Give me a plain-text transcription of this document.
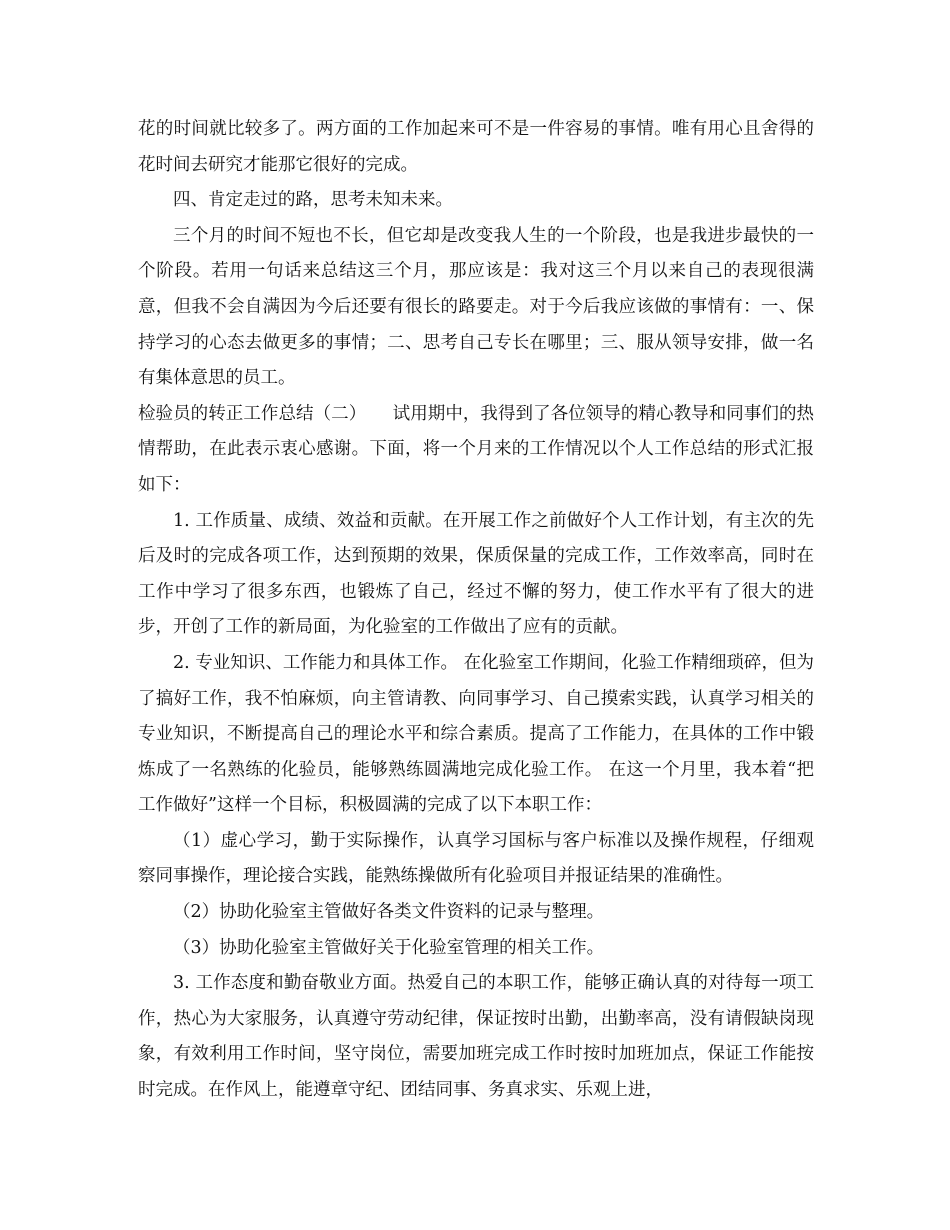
花的时间就比较多了。两方面的工作加起来可不是一件容易的事情。唯有用心且舍得的花时间去研究才能那它很好的完成。

四、肯定走过的路，思考未知未来。

三个月的时间不短也不长，但它却是改变我人生的一个阶段，也是我进步最快的一个阶段。若用一句话来总结这三个月，那应该是：我对这三个月以来自己的表现很满意，但我不会自满因为今后还要有很长的路要走。对于今后我应该做的事情有：一、保持学习的心态去做更多的事情；二、思考自己专长在哪里；三、服从领导安排，做一名有集体意思的员工。

检验员的转正工作总结（二）　　试用期中，我得到了各位领导的精心教导和同事们的热情帮助，在此表示衷心感谢。下面，将一个月来的工作情况以个人工作总结的形式汇报如下：

1. 工作质量、成绩、效益和贡献。在开展工作之前做好个人工作计划，有主次的先后及时的完成各项工作，达到预期的效果，保质保量的完成工作，工作效率高，同时在工作中学习了很多东西，也锻炼了自己，经过不懈的努力，使工作水平有了很大的进步，开创了工作的新局面，为化验室的工作做出了应有的贡献。

2. 专业知识、工作能力和具体工作。 在化验室工作期间，化验工作精细琐碎，但为了搞好工作，我不怕麻烦，向主管请教、向同事学习、自己摸索实践，认真学习相关的专业知识，不断提高自己的理论水平和综合素质。提高了工作能力，在具体的工作中锻炼成了一名熟练的化验员，能够熟练圆满地完成化验工作。 在这一个月里，我本着“把工作做好”这样一个目标，积极圆满的完成了以下本职工作：

（1）虚心学习，勤于实际操作，认真学习国标与客户标准以及操作规程，仔细观察同事操作，理论接合实践，能熟练操做所有化验项目并报证结果的准确性。

（2）协助化验室主管做好各类文件资料的记录与整理。

（3）协助化验室主管做好关于化验室管理的相关工作。

3. 工作态度和勤奋敬业方面。热爱自己的本职工作，能够正确认真的对待每一项工作，热心为大家服务，认真遵守劳动纪律，保证按时出勤，出勤率高，没有请假缺岗现象，有效利用工作时间，坚守岗位，需要加班完成工作时按时加班加点，保证工作能按时完成。在作风上，能遵章守纪、团结同事、务真求实、乐观上进，
